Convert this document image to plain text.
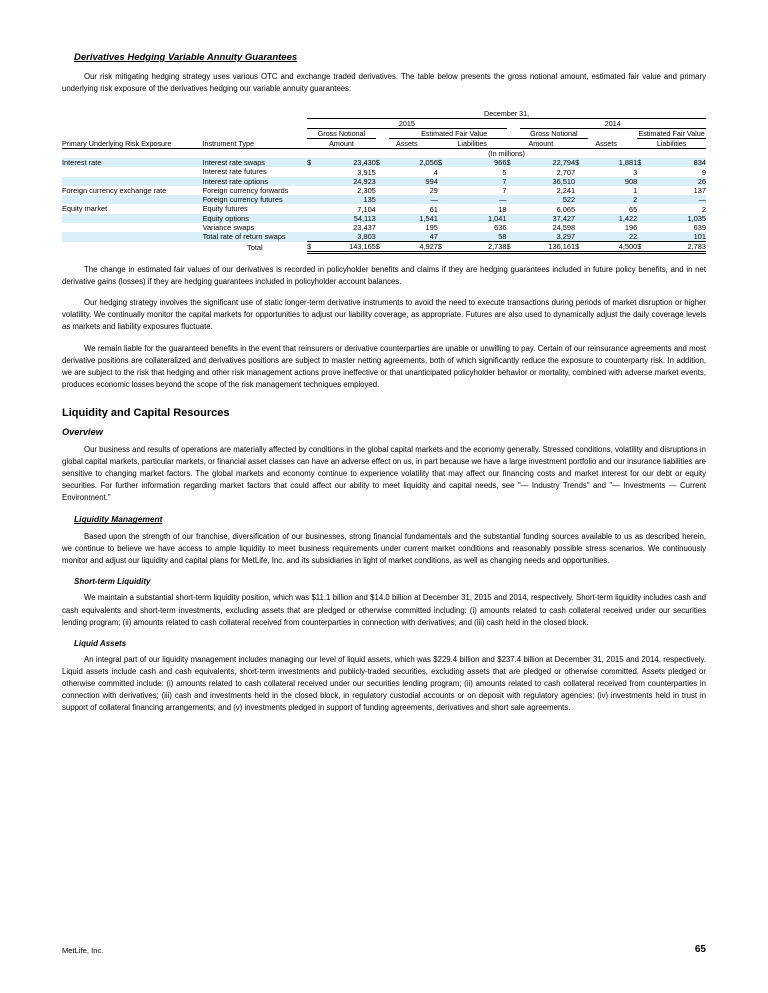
Derivatives Hedging Variable Annuity Guarantees

Our risk mitigating hedging strategy uses various OTC and exchange traded derivatives. The table below presents the gross notional amount, estimated fair value and primary underlying risk exposure of the derivatives hedging our variable annuity guarantees:

		December 31,											
		2015							2014				
		Gross Notional			Estimated Fair Value				Gross Notional			Estimated Fair Value	
Primary Underlying Risk Exposure	Instrument Type	Amount		Assets		Liabilities		Amount		Assets		Liabilities	
		(In millions)											
Interest rate	Interest rate swaps	$	23,430	$	2,056	$	966	$	22,794	$	1,881	$	834
	Interest rate futures		3,915		4		5		2,707		3		9
	Interest rate options		24,923		994		7		36,510		908		26
Foreign currency exchange rate	Foreign currency forwards		2,305		29		7		2,241		1		137
	Foreign currency futures		135		—		—		522		2		—
Equity market	Equity futures		7,104		61		18		6,065		65		2
	Equity options		54,113		1,541		1,041		37,427		1,422		1,035
	Variance swaps		23,437		195		636		24,598		196		639
	Total rate of return swaps		3,803		47		58		3,297		22		101
	Total	$	143,165	$	4,927	$	2,738	$	136,161	$	4,500	$	2,783

The change in estimated fair values of our derivatives is recorded in policyholder benefits and claims if they are hedging guarantees included in future policy benefits, and in net derivative gains (losses) if they are hedging guarantees included in policyholder account balances.

Our hedging strategy involves the significant use of static longer-term derivative instruments to avoid the need to execute transactions during periods of market disruption or higher volatility. We continually monitor the capital markets for opportunities to adjust our liability coverage, as appropriate. Futures are also used to dynamically adjust the daily coverage levels as markets and liability exposures fluctuate.

We remain liable for the guaranteed benefits in the event that reinsurers or derivative counterparties are unable or unwilling to pay. Certain of our reinsurance agreements and most derivative positions are collateralized and derivatives positions are subject to master netting agreements, both of which significantly reduce the exposure to counterparty risk. In addition, we are subject to the risk that hedging and other risk management actions prove ineffective or that unanticipated policyholder behavior or mortality, combined with adverse market events, produces economic losses beyond the scope of the risk management techniques employed.

Liquidity and Capital Resources
Overview

Our business and results of operations are materially affected by conditions in the global capital markets and the economy generally. Stressed conditions, volatility and disruptions in global capital markets, particular markets, or financial asset classes can have an adverse effect on us, in part because we have a large investment portfolio and our insurance liabilities are sensitive to changing market factors. The global markets and economy continue to experience volatility that may affect our financing costs and market interest for our debt or equity securities. For further information regarding market factors that could affect our ability to meet liquidity and capital needs, see "— Industry Trends" and "— Investments — Current Environment."

Liquidity Management

Based upon the strength of our franchise, diversification of our businesses, strong financial fundamentals and the substantial funding sources available to us as described herein, we continue to believe we have access to ample liquidity to meet business requirements under current market conditions and reasonably possible stress scenarios. We continuously monitor and adjust our liquidity and capital plans for MetLife, Inc. and its subsidiaries in light of market conditions, as well as changing needs and opportunities.

Short-term Liquidity

We maintain a substantial short-term liquidity position, which was $11.1 billion and $14.0 billion at December 31, 2015 and 2014, respectively. Short-term liquidity includes cash and cash equivalents and short-term investments, excluding assets that are pledged or otherwise committed including: (i) amounts related to cash collateral received under our securities lending program; (ii) amounts related to cash collateral received from counterparties in connection with derivatives; and (iii) cash held in the closed block.

Liquid Assets

An integral part of our liquidity management includes managing our level of liquid assets, which was $229.4 billion and $237.4 billion at December 31, 2015 and 2014, respectively. Liquid assets include cash and cash equivalents, short-term investments and publicly-traded securities, excluding assets that are pledged or otherwise committed. Assets pledged or otherwise committed include: (i) amounts related to cash collateral received under our securities lending program; (ii) amounts related to cash collateral received from counterparties in connection with derivatives; (iii) cash and investments held in the closed block, in regulatory custodial accounts or on deposit with regulatory agencies; (iv) investments held in trust in support of collateral financing arrangements; and (v) investments pledged in support of funding agreements, derivatives and short sale agreements.

MetLife, Inc.	65
